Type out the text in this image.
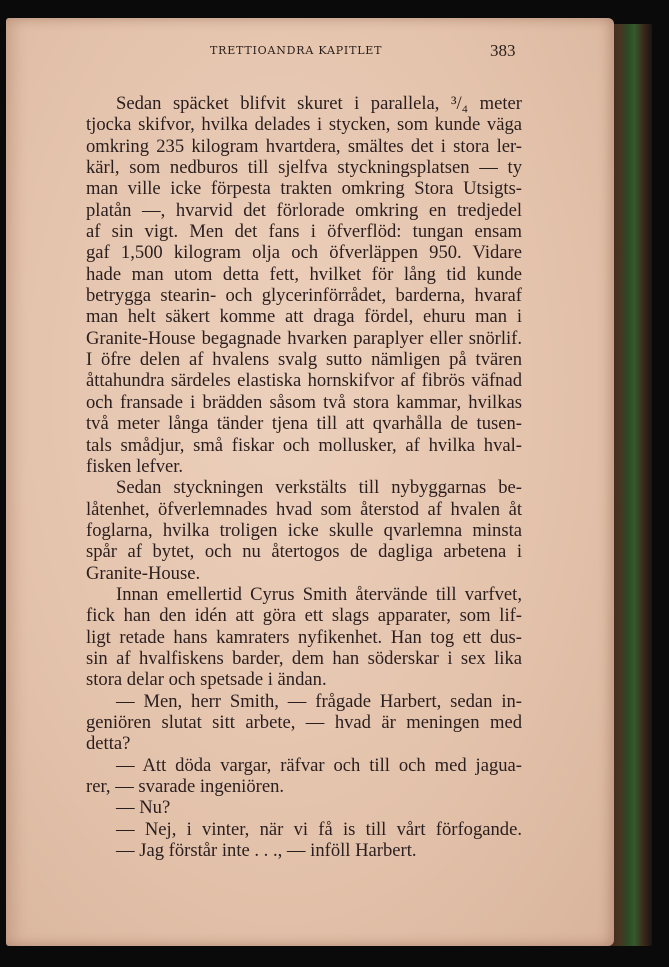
TRETTIOANDRA KAPITLET	383
Sedan späcket blifvit skuret i parallela, ³/₄ meter
tjocka skifvor, hvilka delades i stycken, som kunde väga
omkring 235 kilogram hvartdera, smältes det i stora ler-
kärl, som nedburos till sjelfva styckningsplatsen — ty
man ville icke förpesta trakten omkring Stora Utsigts-
platån —, hvarvid det förlorade omkring en tredjedel
af sin vigt. Men det fans i öfverflöd: tungan ensam
gaf 1,500 kilogram olja och öfverläppen 950. Vidare
hade man utom detta fett, hvilket för lång tid kunde
betrygga stearin- och glycerinförrådet, barderna, hvaraf
man helt säkert komme att draga fördel, ehuru man i
Granite-House begagnade hvarken paraplyer eller snörlif.
I öfre delen af hvalens svalg sutto nämligen på tvären
åttahundra särdeles elastiska hornskifvor af fibrös väfnad
och fransade i brädden såsom två stora kammar, hvilkas
två meter långa tänder tjena till att qvarhålla de tusen-
tals smådjur, små fiskar och mollusker, af hvilka hval-
fisken lefver.
Sedan styckningen verkstälts till nybyggarnas be-
låtenhet, öfverlemnades hvad som återstod af hvalen åt
foglarna, hvilka troligen icke skulle qvarlemna minsta
spår af bytet, och nu återtogos de dagliga arbetena i
Granite-House.
Innan emellertid Cyrus Smith återvände till varfvet,
fick han den idén att göra ett slags apparater, som lif-
ligt retade hans kamraters nyfikenhet. Han tog ett dus-
sin af hvalfiskens barder, dem han söderskar i sex lika
stora delar och spetsade i ändan.
— Men, herr Smith, — frågade Harbert, sedan in-
geniören slutat sitt arbete, — hvad är meningen med
detta?
— Att döda vargar, räfvar och till och med jagua-
rer, — svarade ingeniören.
— Nu?
— Nej, i vinter, när vi få is till vårt förfogande.
— Jag förstår inte . . ., — inföll Harbert.
